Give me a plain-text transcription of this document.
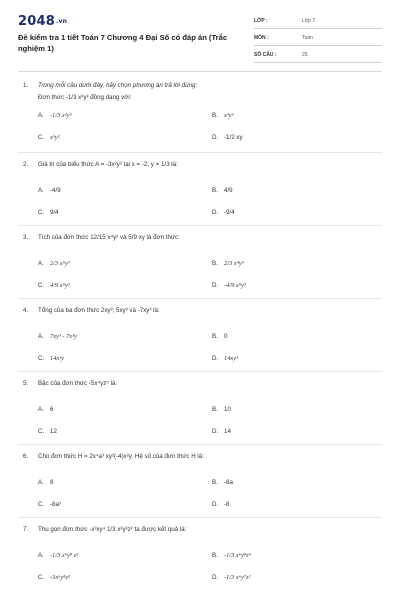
2048.vn
Đề kiểm tra 1 tiết Toán 7 Chương 4 Đại Số có đáp án (Trắc nghiệm 1)
LỚP :	Lớp 7
MÔN :	Toán
SỐ CÂU :	25
1. Trong mỗi câu dưới đây, hãy chọn phương án trả lời đúng:
Đơn thức -1/3 x²y³ đồng dạng với:
A. -1/3 x²y³	B. x³y²
C. x³y²	D. -1/2 xy
2. Giá trị của biểu thức A = -3x²y³ tại x = -2, y = 1/3 là:
A. -4/9	B. 4/9
C. 9/4	D. -9/4
3. Tích của đơn thức 12/15 x⁴y² và 5/9 xy là đơn thức:
A. 2/3 x⁵y³	B. 2/3 x⁴y³
C. 4/9 x⁵y³	D. -4/9 x⁵y³
4. Tổng của ba đơn thức 2xy³; 5xy³ và -7xy³ là:
A. 7xy³ - 7x³y	B. 0
C. 14x³y	D. 14xy³
5. Bậc của đơn thức -5x⁴yz⁵ là:
A. 6	B. 10
C. 12	D. 14
6. Cho đơn thức H = 2x⁴a³ xy²(-4)x²y. Hệ số của đơn thức H là:
A. 8	B. -8a
C. -8a³	D. -8
7. Thu gọn đơn thức -x³xy⁴ 1/3 x²y³z² ta được kết quả là:
A. -1/3 x⁶y⁸ z²	B. -1/3 x⁶y⁸z⁴
C. -3x⁶y⁸z²	D. -1/3 x⁶y⁷z²
